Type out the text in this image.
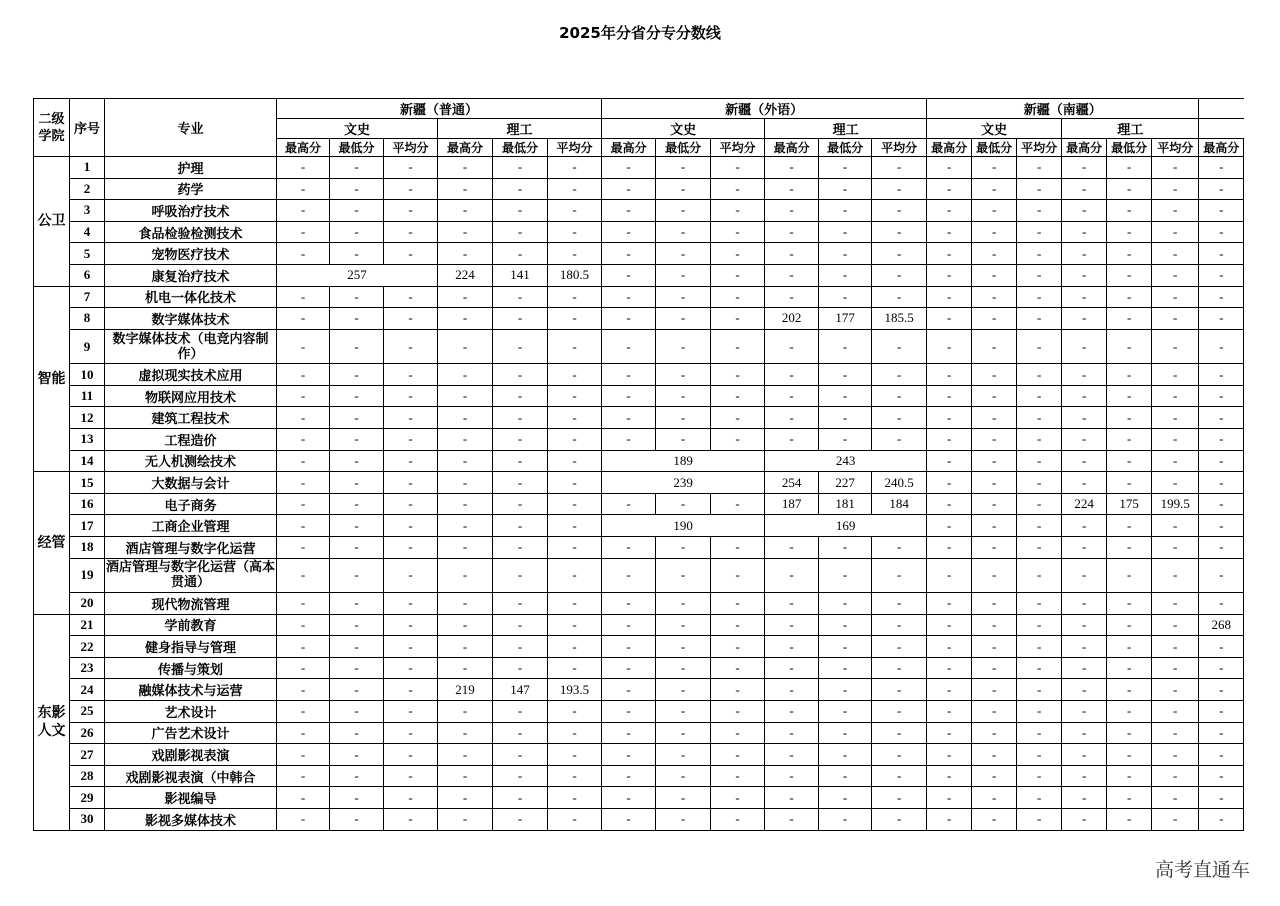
2025年分省分专分数线
二级学院	序号	专业	新疆（普通）						新疆（外语）						新疆（南疆）						
			文史			理工			文史			理工			文史			理工			
			最高分	最低分	平均分	最高分	最低分	平均分	最高分	最低分	平均分	最高分	最低分	平均分	最高分	最低分	平均分	最高分	最低分	平均分	最高分
公卫	1	护理	-	-	-	-	-	-	-	-	-	-	-	-	-	-	-	-	-	-	-
	2	药学	-	-	-	-	-	-	-	-	-	-	-	-	-	-	-	-	-	-	-
	3	呼吸治疗技术	-	-	-	-	-	-	-	-	-	-	-	-	-	-	-	-	-	-	-
	4	食品检验检测技术	-	-	-	-	-	-	-	-	-	-	-	-	-	-	-	-	-	-	-
	5	宠物医疗技术	-	-	-	-	-	-	-	-	-	-	-	-	-	-	-	-	-	-	-
	6	康复治疗技术	257			224	141	180.5	-	-	-	-	-	-	-	-	-	-	-	-	-
智能	7	机电一体化技术	-	-	-	-	-	-	-	-	-	-	-	-	-	-	-	-	-	-	-
	8	数字媒体技术	-	-	-	-	-	-	-	-	-	202	177	185.5	-	-	-	-	-	-	-
	9	数字媒体技术（电竞内容制作）	-	-	-	-	-	-	-	-	-	-	-	-	-	-	-	-	-	-	-
	10	虚拟现实技术应用	-	-	-	-	-	-	-	-	-	-	-	-	-	-	-	-	-	-	-
	11	物联网应用技术	-	-	-	-	-	-	-	-	-	-	-	-	-	-	-	-	-	-	-
	12	建筑工程技术	-	-	-	-	-	-	-	-	-	-	-	-	-	-	-	-	-	-	-
	13	工程造价	-	-	-	-	-	-	-	-	-	-	-	-	-	-	-	-	-	-	-
	14	无人机测绘技术	-	-	-	-	-	-	189			243			-	-	-	-	-	-	-
经管	15	大数据与会计	-	-	-	-	-	-	239			254	227	240.5	-	-	-	-	-	-	-
	16	电子商务	-	-	-	-	-	-	-	-	-	187	181	184	-	-	-	224	175	199.5	-
	17	工商企业管理	-	-	-	-	-	-	190			169			-	-	-	-	-	-	-
	18	酒店管理与数字化运营	-	-	-	-	-	-	-	-	-	-	-	-	-	-	-	-	-	-	-
	19	酒店管理与数字化运营（高本贯通）	-	-	-	-	-	-	-	-	-	-	-	-	-	-	-	-	-	-	-
	20	现代物流管理	-	-	-	-	-	-	-	-	-	-	-	-	-	-	-	-	-	-	-
东影人文	21	学前教育	-	-	-	-	-	-	-	-	-	-	-	-	-	-	-	-	-	-	268
	22	健身指导与管理	-	-	-	-	-	-	-	-	-	-	-	-	-	-	-	-	-	-	-
	23	传播与策划	-	-	-	-	-	-	-	-	-	-	-	-	-	-	-	-	-	-	-
	24	融媒体技术与运营	-	-	-	219	147	193.5	-	-	-	-	-	-	-	-	-	-	-	-	-
	25	艺术设计	-	-	-	-	-	-	-	-	-	-	-	-	-	-	-	-	-	-	-
	26	广告艺术设计	-	-	-	-	-	-	-	-	-	-	-	-	-	-	-	-	-	-	-
	27	戏剧影视表演	-	-	-	-	-	-	-	-	-	-	-	-	-	-	-	-	-	-	-
	28	戏剧影视表演（中韩合	-	-	-	-	-	-	-	-	-	-	-	-	-	-	-	-	-	-	-
	29	影视编导	-	-	-	-	-	-	-	-	-	-	-	-	-	-	-	-	-	-	-
	30	影视多媒体技术	-	-	-	-	-	-	-	-	-	-	-	-	-	-	-	-	-	-	-
高考直通车
